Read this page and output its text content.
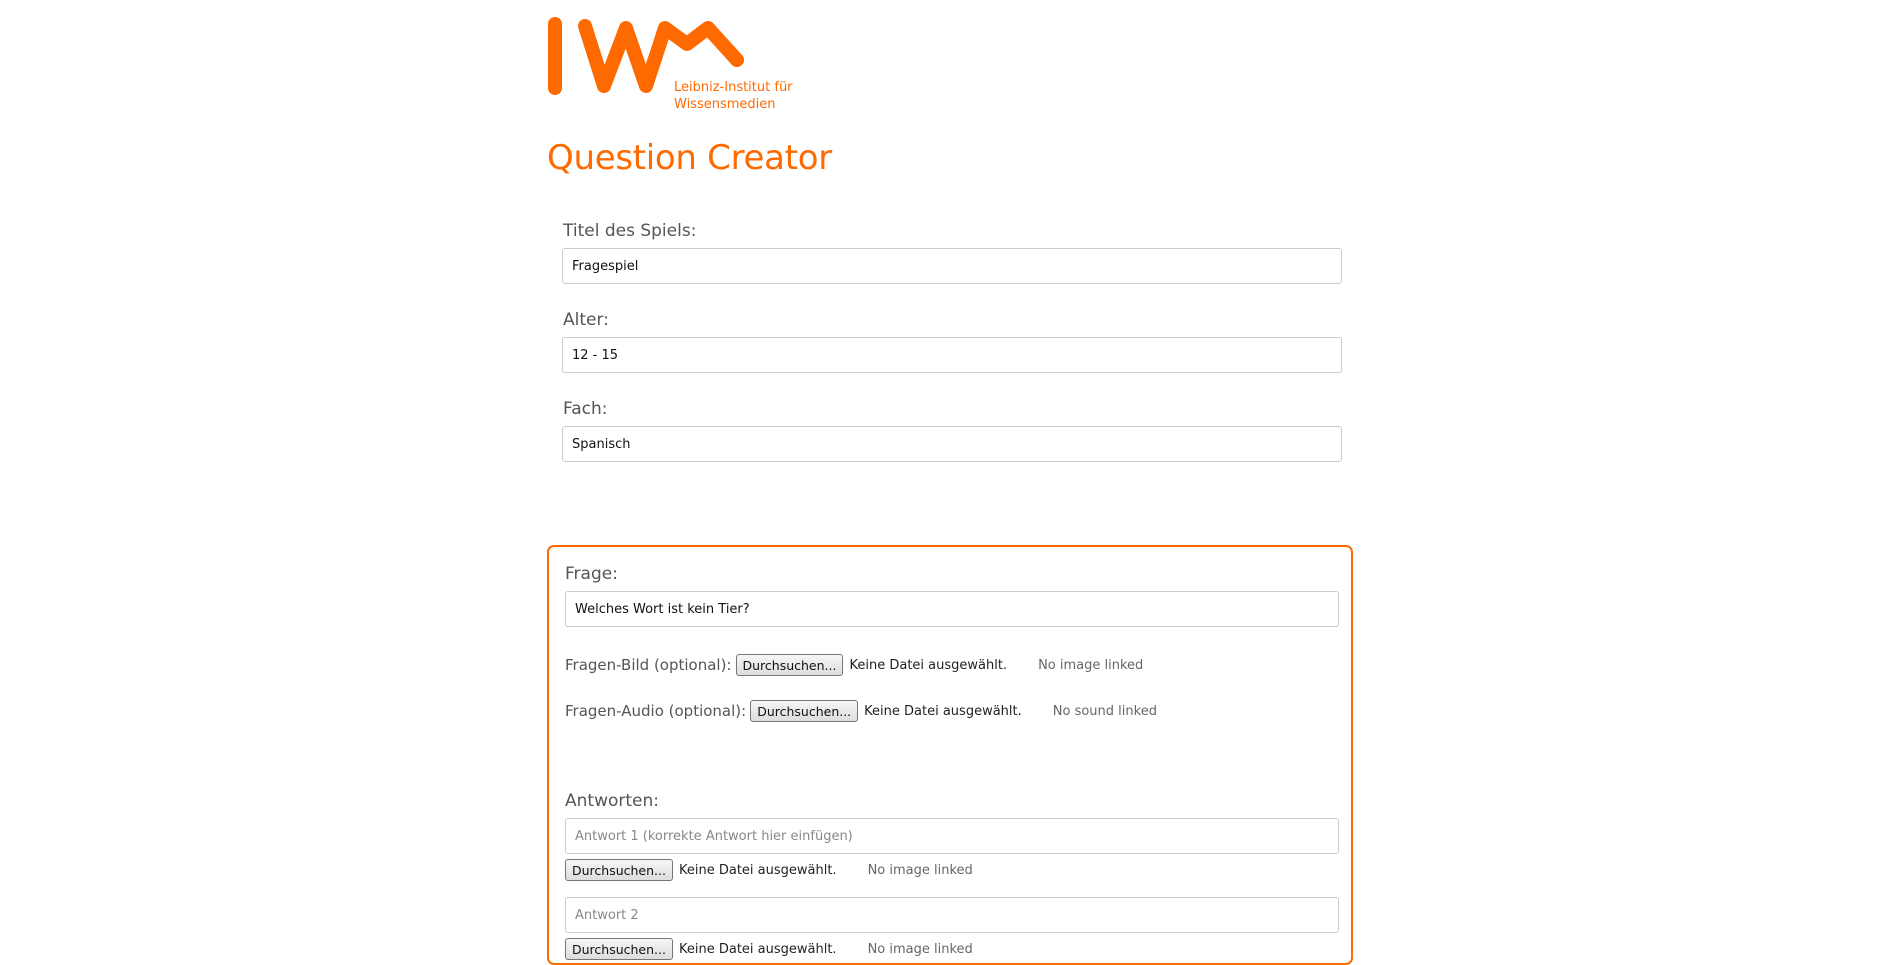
Leibniz-Institut für
Wissensmedien
Question Creator
Titel des Spiels:
Fragespiel
Alter:
12 - 15
Fach:
Spanisch
Frage:
Welches Wort ist kein Tier?
Fragen-Bild (optional): Durchsuchen...	Keine Datei ausgewählt. No image linked
Fragen-Audio (optional): Durchsuchen...	Keine Datei ausgewählt. No sound linked
Antworten:
Antwort 1 (korrekte Antwort hier einfügen)
Durchsuchen...	Keine Datei ausgewählt. No image linked
Antwort 2
Durchsuchen...	Keine Datei ausgewählt. No image linked
